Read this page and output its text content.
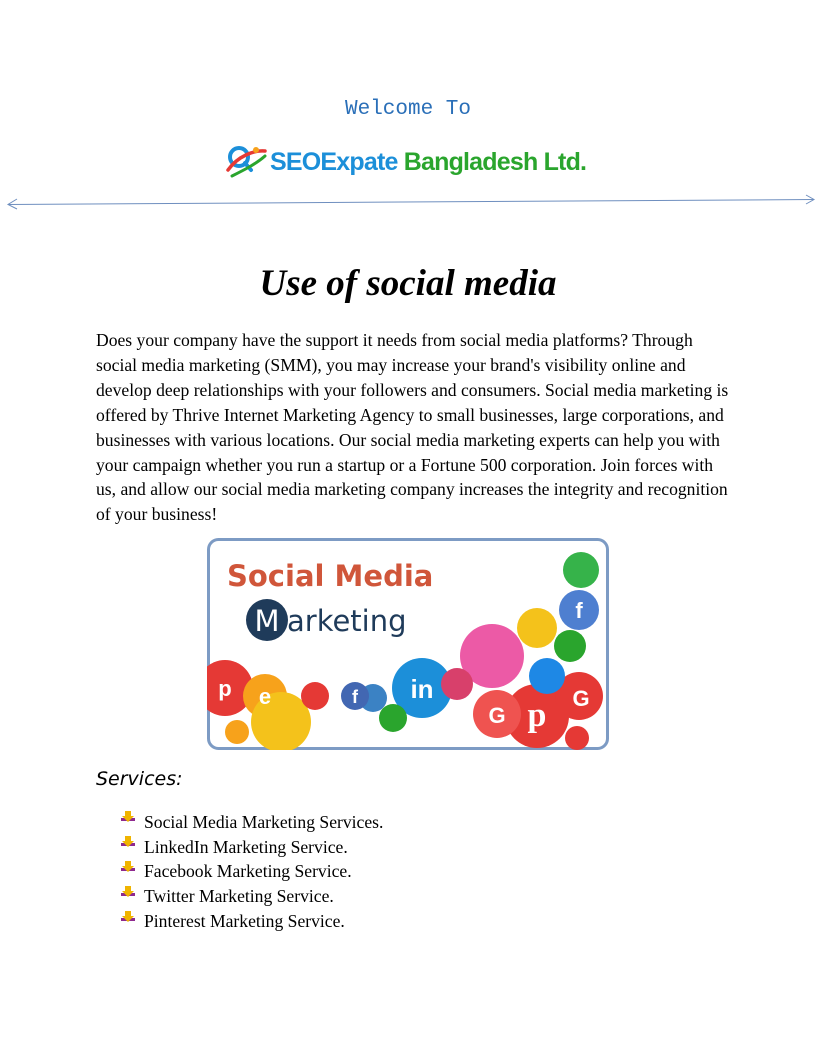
Welcome To
SEOExpate Bangladesh Ltd.
Use of social media

Does your company have the support it needs from social media platforms? Through social media marketing (SMM), you may increase your brand's visibility online and develop deep relationships with your followers and consumers. Social media marketing is offered by Thrive Internet Marketing Agency to small businesses, large corporations, and businesses with various locations. Our social media marketing experts can help you with your campaign whether you run a startup or a Fortune 500 corporation. Join forces with us, and allow our social media marketing company increases the integrity and recognition of your business!

in
p
f
f
G
G
p e
Social Media
M arketing
Services:
Social Media Marketing Services.
LinkedIn Marketing Service.
Facebook Marketing Service.
Twitter Marketing Service.
Pinterest Marketing Service.
